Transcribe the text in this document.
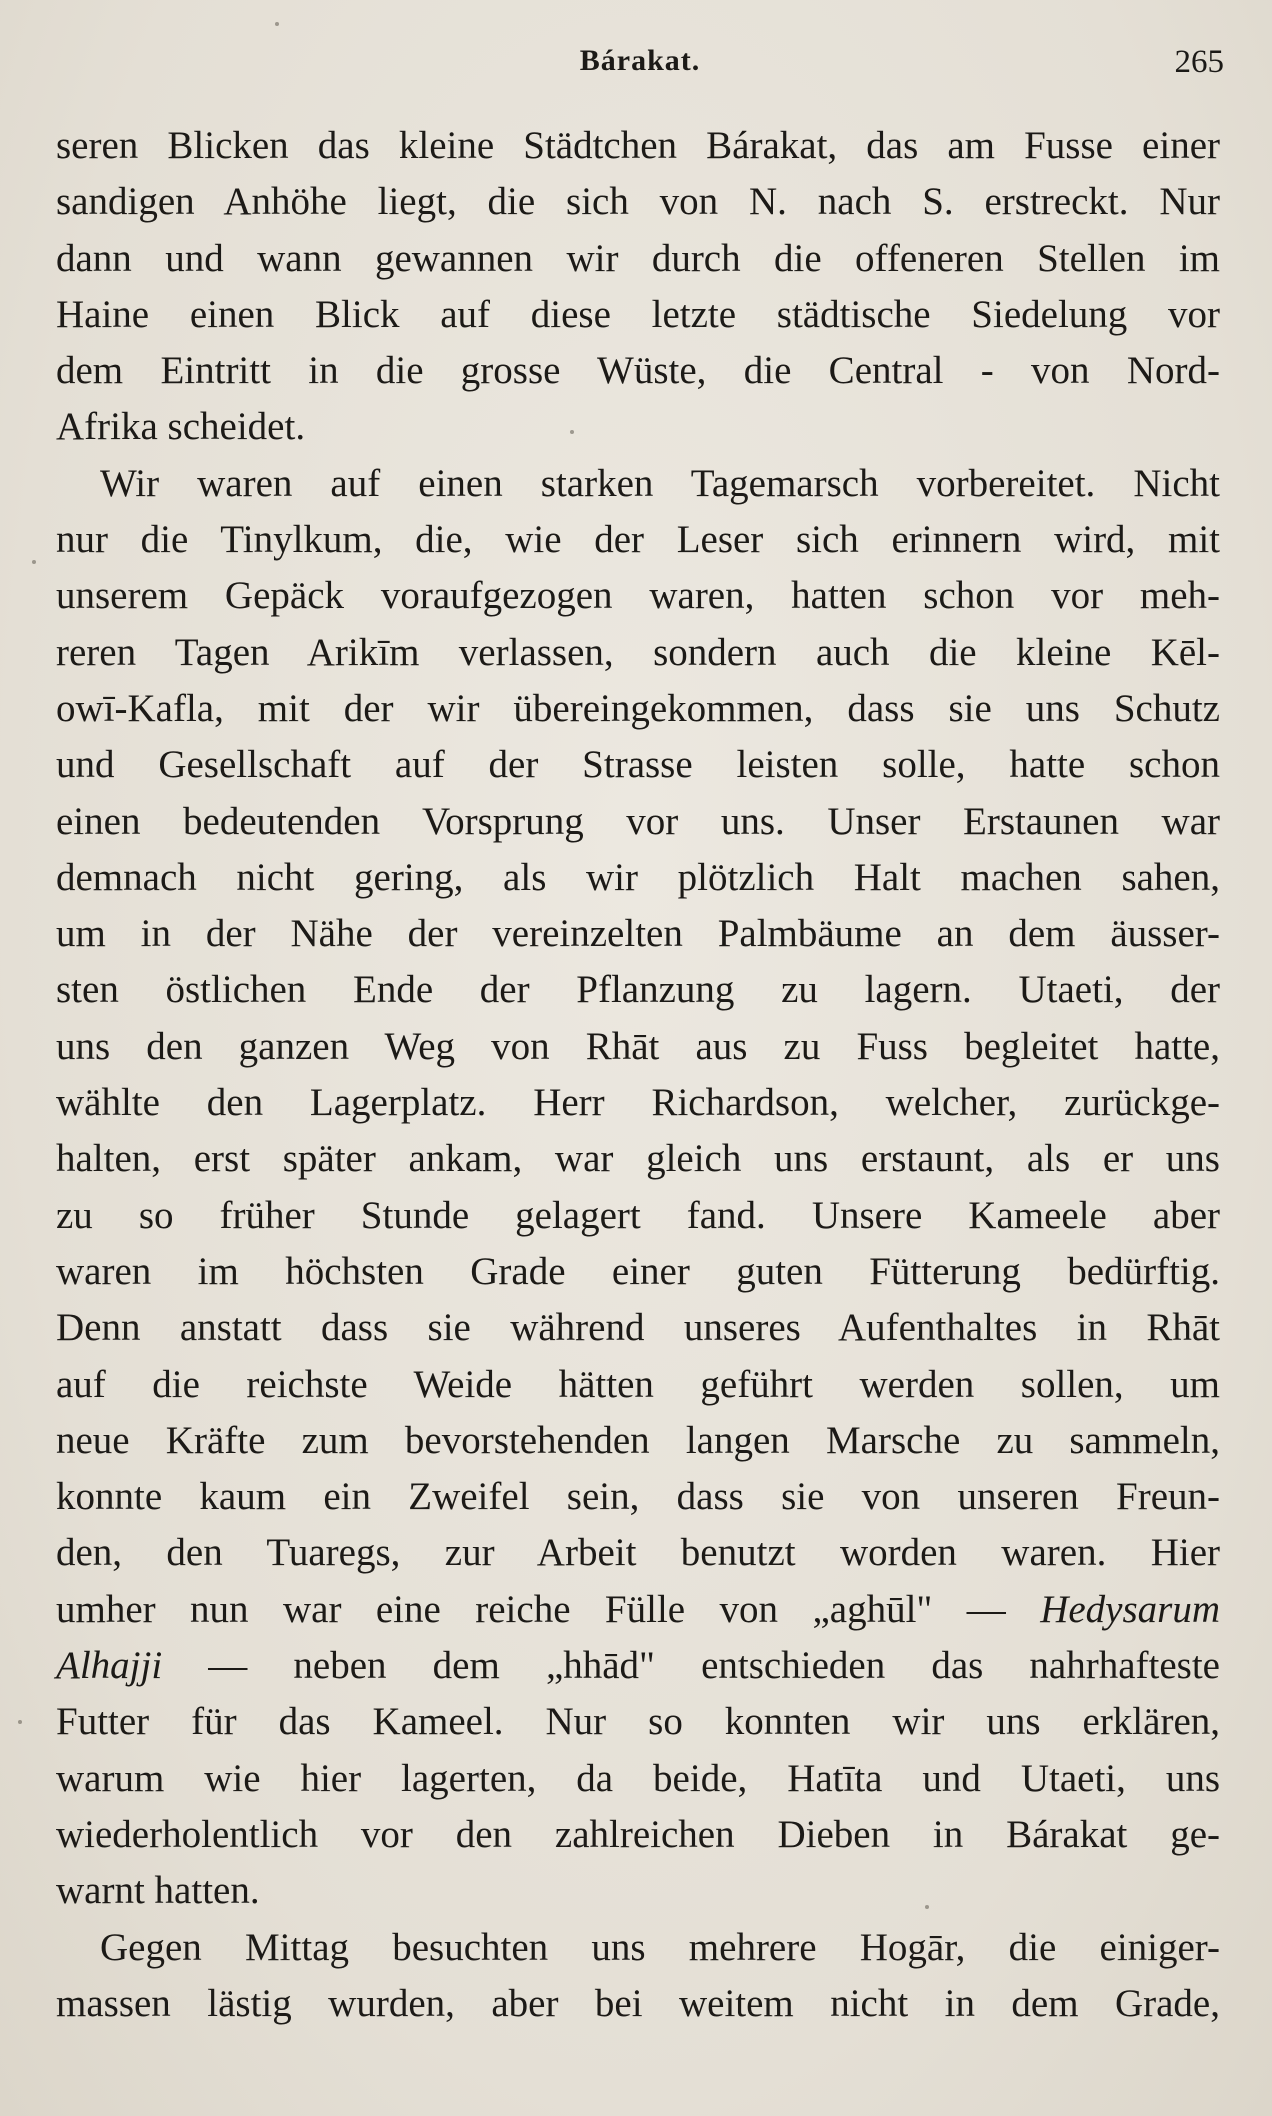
Bárakat.	265
seren Blicken das kleine Städtchen Bárakat, das am Fusse einer
sandigen Anhöhe liegt, die sich von N. nach S. erstreckt. Nur
dann und wann gewannen wir durch die offeneren Stellen im
Haine einen Blick auf diese letzte städtische Siedelung vor
dem Eintritt in die grosse Wüste, die Central - von Nord-
Afrika scheidet.
Wir waren auf einen starken Tagemarsch vorbereitet. Nicht
nur die Tinylkum, die, wie der Leser sich erinnern wird, mit
unserem Gepäck voraufgezogen waren, hatten schon vor meh-
reren Tagen Arikīm verlassen, sondern auch die kleine Kēl-
owī-Kafla, mit der wir übereingekommen, dass sie uns Schutz
und Gesellschaft auf der Strasse leisten solle, hatte schon
einen bedeutenden Vorsprung vor uns. Unser Erstaunen war
demnach nicht gering, als wir plötzlich Halt machen sahen,
um in der Nähe der vereinzelten Palmbäume an dem äusser-
sten östlichen Ende der Pflanzung zu lagern. Utaeti, der
uns den ganzen Weg von Rhāt aus zu Fuss begleitet hatte,
wählte den Lagerplatz. Herr Richardson, welcher, zurückge-
halten, erst später ankam, war gleich uns erstaunt, als er uns
zu so früher Stunde gelagert fand. Unsere Kameele aber
waren im höchsten Grade einer guten Fütterung bedürftig.
Denn anstatt dass sie während unseres Aufenthaltes in Rhāt
auf die reichste Weide hätten geführt werden sollen, um
neue Kräfte zum bevorstehenden langen Marsche zu sammeln,
konnte kaum ein Zweifel sein, dass sie von unseren Freun-
den, den Tuaregs, zur Arbeit benutzt worden waren. Hier
umher nun war eine reiche Fülle von „aghūl" — Hedysarum
Alhajji — neben dem „hhād" entschieden das nahrhafteste
Futter für das Kameel. Nur so konnten wir uns erklären,
warum wie hier lagerten, da beide, Hatīta und Utaeti, uns
wiederholentlich vor den zahlreichen Dieben in Bárakat ge-
warnt hatten.
Gegen Mittag besuchten uns mehrere Hogār, die einiger-
massen lästig wurden, aber bei weitem nicht in dem Grade,
